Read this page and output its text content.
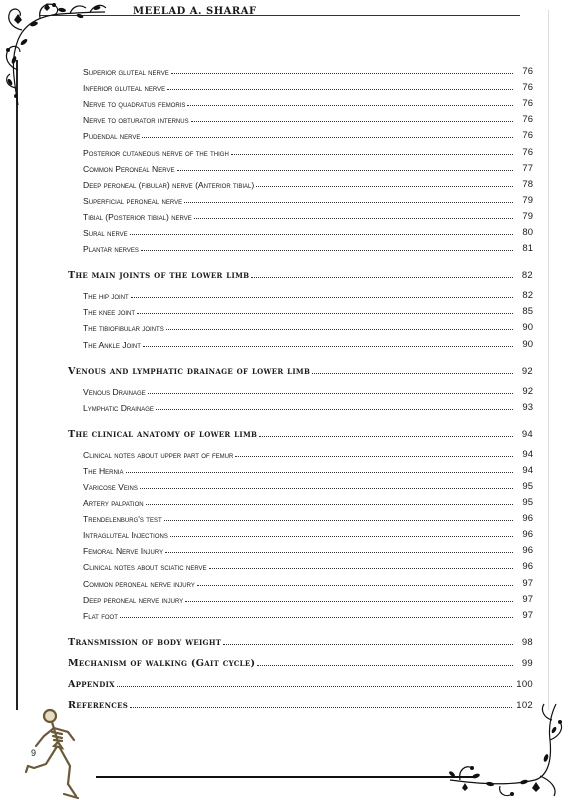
MEELAD A. SHARAF
Superior gluteal nerve	76
Inferior gluteal nerve	76
Nerve to quadratus femoris	76
Nerve to obturator internus	76
Pudendal nerve	76
Posterior cutaneous nerve of the thigh	76
Common Peroneal Nerve	77
Deep peroneal (fibular) nerve (Anterior tibial)	78
Superficial peroneal nerve	79
Tibial (Posterior tibial) nerve	79
Sural nerve	80
Plantar nerves	81
The main joints of the lower limb	82
The hip joint	82
The knee joint	85
The tibiofibular joints	90
The Ankle Joint	90
Venous and lymphatic drainage of lower limb	92
Venous Drainage	92
Lymphatic Drainage	93
The clinical anatomy of lower limb	94
Clinical notes about upper part of femur	94
The Hernia	94
Varicose Veins	95
Artery palpation	95
Trendelenburg's test	96
Intragluteal Injections	96
Femoral Nerve Injury	96
Clinical notes about sciatic nerve	96
Common peroneal nerve injury	97
Deep peroneal nerve injury	97
Flat foot	97
Transmission of body weight	98
Mechanism of walking (Gait cycle)	99
Appendix	100
References	102
9
